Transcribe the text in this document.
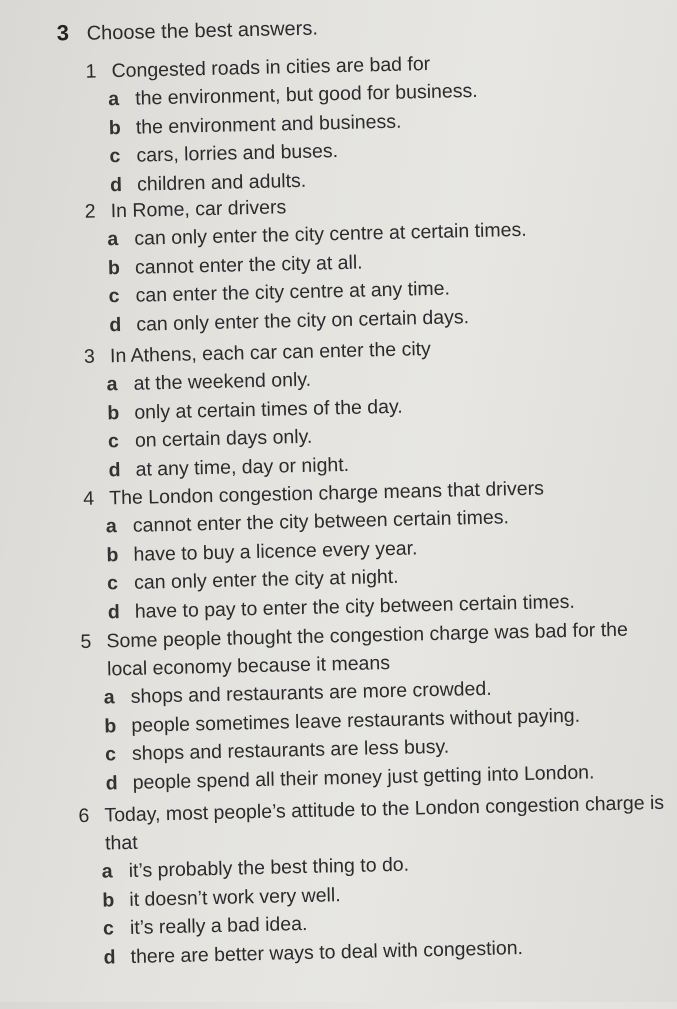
3 Choose the best answers.
1 Congested roads in cities are bad for
a the environment, but good for business.
b the environment and business.
c cars, lorries and buses.
d children and adults.
2 In Rome, car drivers
a can only enter the city centre at certain times.
b cannot enter the city at all.
c can enter the city centre at any time.
d can only enter the city on certain days.
3 In Athens, each car can enter the city
a at the weekend only.
b only at certain times of the day.
c on certain days only.
d at any time, day or night.
4 The London congestion charge means that drivers
a cannot enter the city between certain times.
b have to buy a licence every year.
c can only enter the city at night.
d have to pay to enter the city between certain times.
5 Some people thought the congestion charge was bad for the local economy because it means
a shops and restaurants are more crowded.
b people sometimes leave restaurants without paying.
c shops and restaurants are less busy.
d people spend all their money just getting into London.
6 Today, most people’s attitude to the London congestion charge is that
a it’s probably the best thing to do.
b it doesn’t work very well.
c it’s really a bad idea.
d there are better ways to deal with congestion.
